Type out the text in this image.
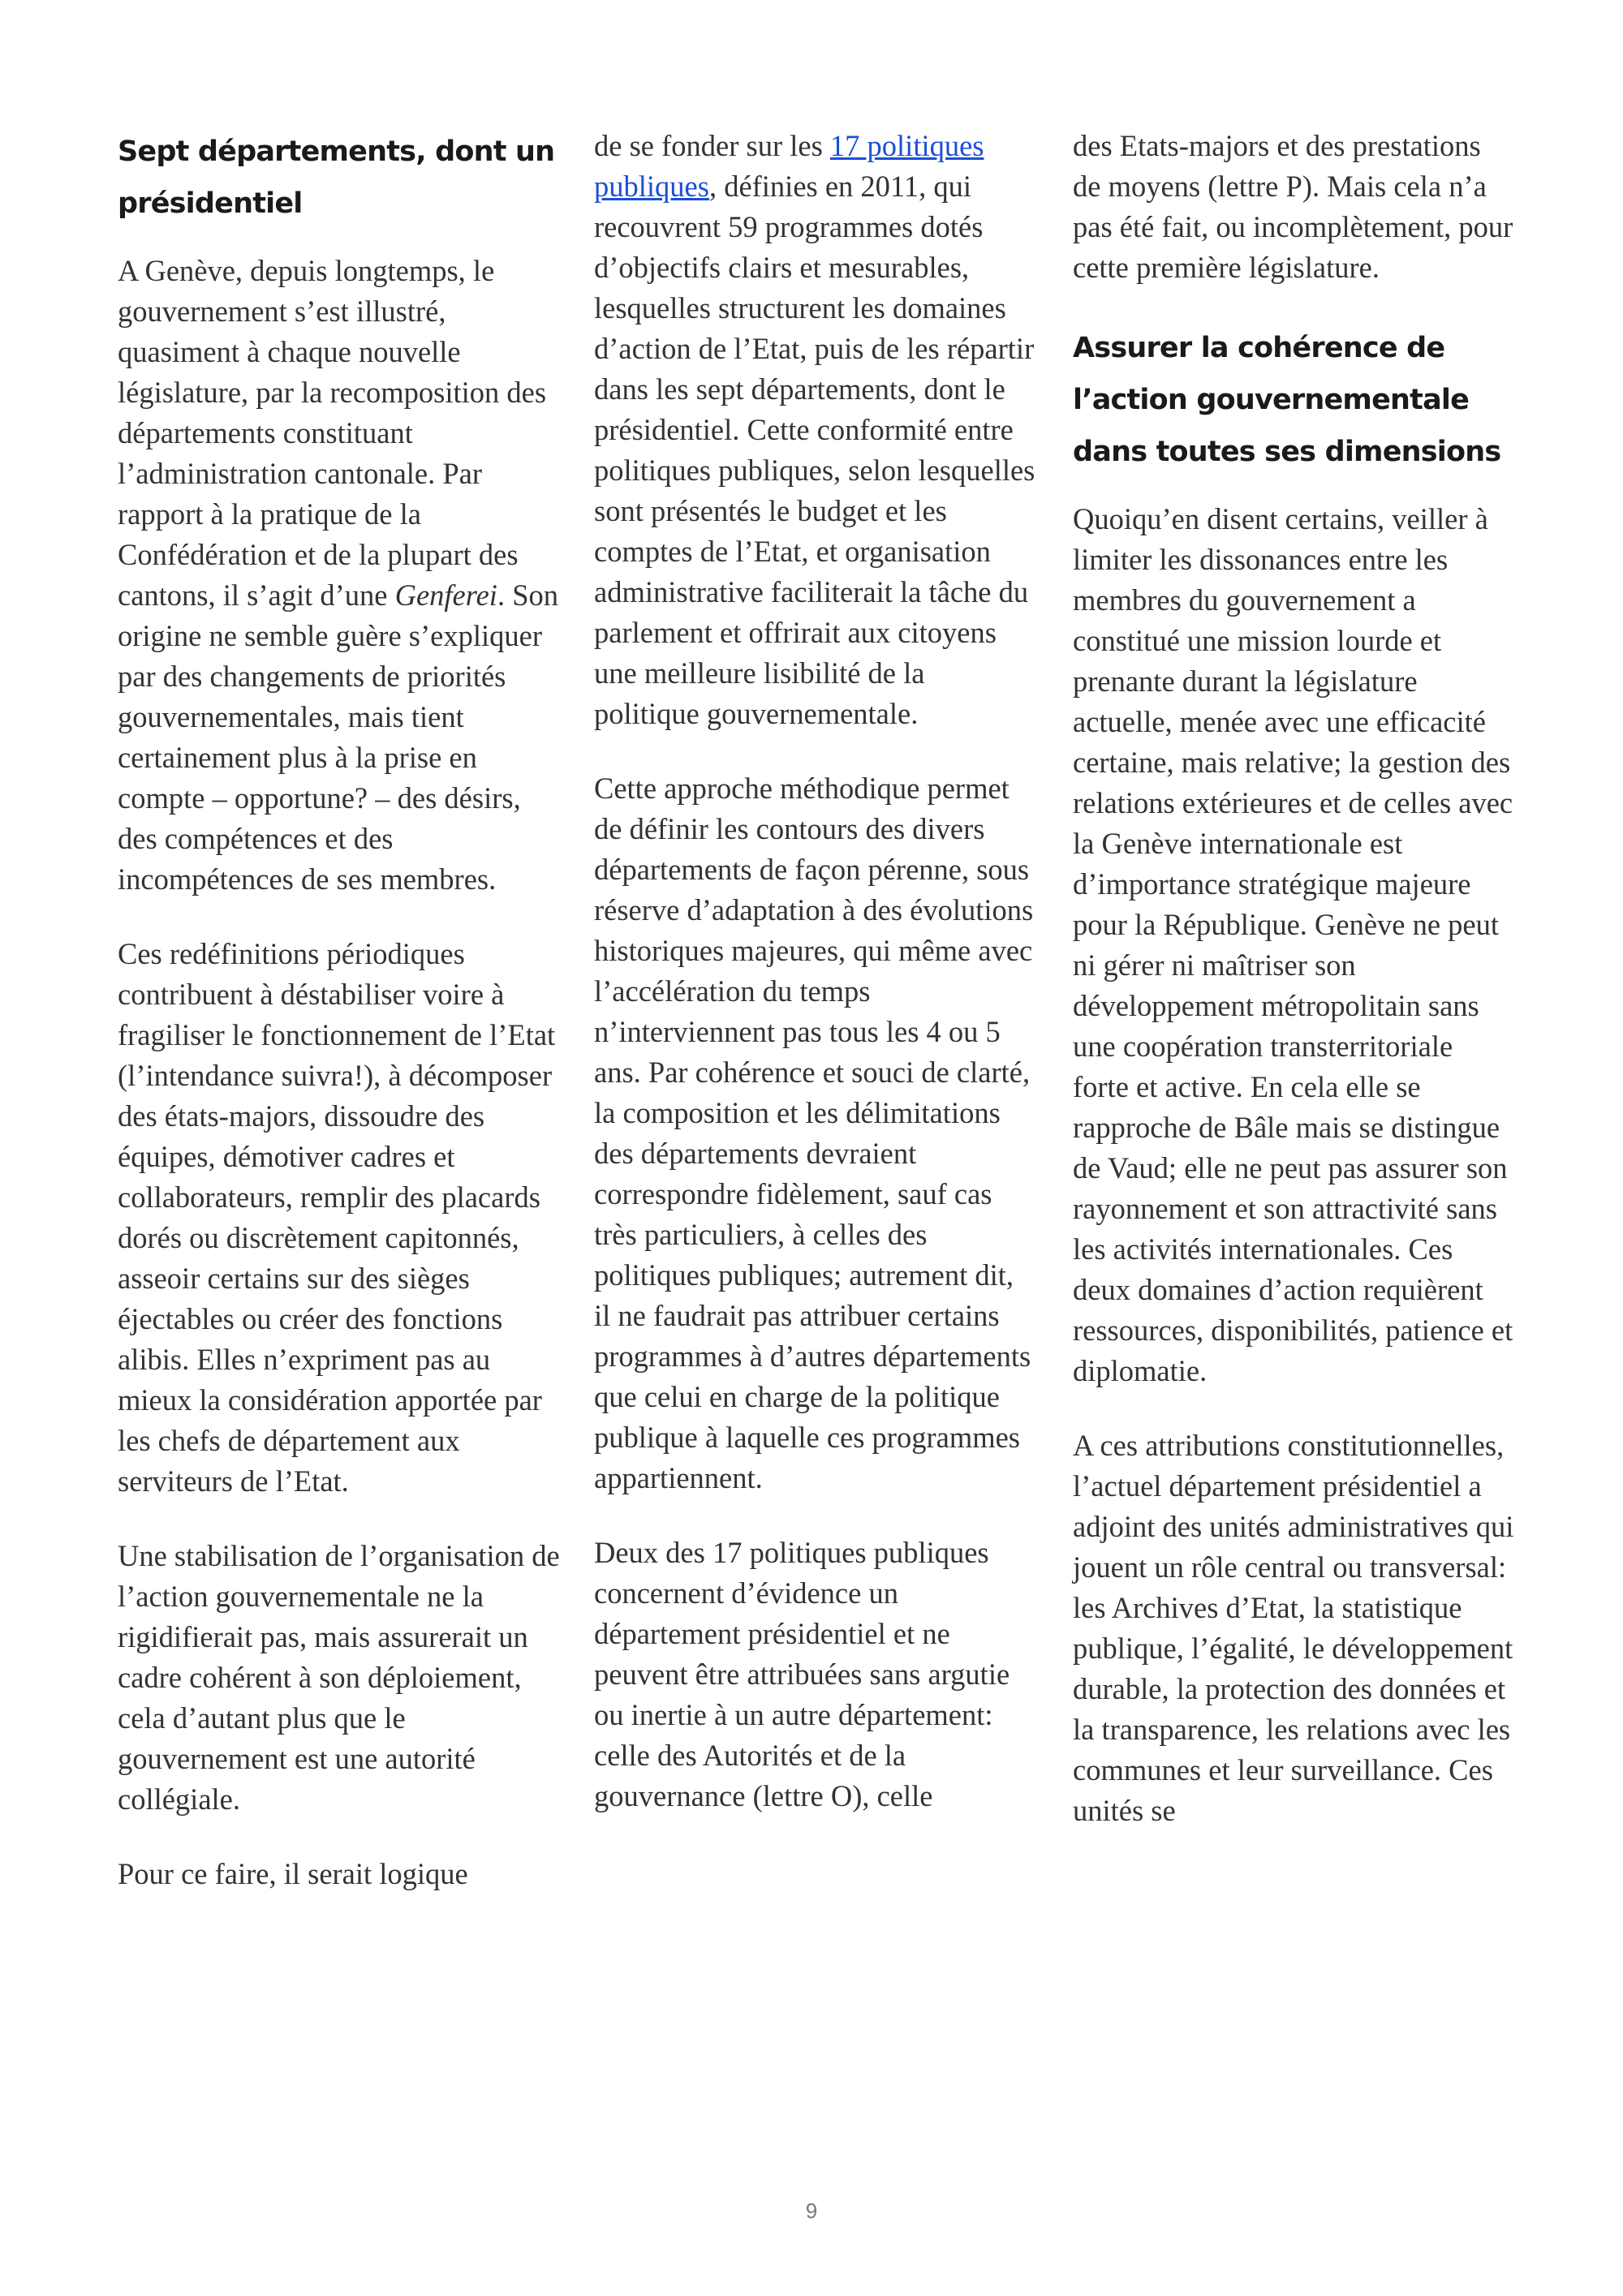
Sept départements, dont un présidentiel

A Genève, depuis longtemps, le gouvernement s’est illustré, quasiment à chaque nouvelle législature, par la recomposition des départements constituant l’administration cantonale. Par rapport à la pratique de la Confédération et de la plupart des cantons, il s’agit d’une Genferei. Son origine ne semble guère s’expliquer par des changements de priorités gouvernementales, mais tient certainement plus à la prise en compte – opportune? – des désirs, des compétences et des incompétences de ses membres.

Ces redéfinitions périodiques contribuent à déstabiliser voire à fragiliser le fonctionnement de l’Etat (l’intendance suivra!), à décomposer des états-majors, dissoudre des équipes, démotiver cadres et collaborateurs, remplir des placards dorés ou discrètement capitonnés, asseoir certains sur des sièges éjectables ou créer des fonctions alibis. Elles n’expriment pas au mieux la considération apportée par les chefs de département aux serviteurs de l’Etat.

Une stabilisation de l’organisation de l’action gouvernementale ne la rigidifierait pas, mais assurerait un cadre cohérent à son déploiement, cela d’autant plus que le gouvernement est une autorité collégiale.

Pour ce faire, il serait logique

de se fonder sur les 17 politiques publiques, définies en 2011, qui recouvrent 59 programmes dotés d’objectifs clairs et mesurables, lesquelles structurent les domaines d’action de l’Etat, puis de les répartir dans les sept départements, dont le présidentiel. Cette conformité entre politiques publiques, selon lesquelles sont présentés le budget et les comptes de l’Etat, et organisation administrative faciliterait la tâche du parlement et offrirait aux citoyens une meilleure lisibilité de la politique gouvernementale.

Cette approche méthodique permet de définir les contours des divers départements de façon pérenne, sous réserve d’adaptation à des évolutions historiques majeures, qui même avec l’accélération du temps n’interviennent pas tous les 4 ou 5 ans. Par cohérence et souci de clarté, la composition et les délimitations des départements devraient correspondre fidèlement, sauf cas très particuliers, à celles des politiques publiques; autrement dit, il ne faudrait pas attribuer certains programmes à d’autres départements que celui en charge de la politique publique à laquelle ces programmes appartiennent.

Deux des 17 politiques publiques concernent d’évidence un département présidentiel et ne peuvent être attribuées sans argutie ou inertie à un autre département: celle des Autorités et de la gouvernance (lettre O), celle

des Etats-majors et des prestations de moyens (lettre P). Mais cela n’a pas été fait, ou incomplètement, pour cette première législature.

Assurer la cohérence de l’action gouvernementale dans toutes ses dimensions

Quoiqu’en disent certains, veiller à limiter les dissonances entre les membres du gouvernement a constitué une mission lourde et prenante durant la législature actuelle, menée avec une efficacité certaine, mais relative; la gestion des relations extérieures et de celles avec la Genève internationale est d’importance stratégique majeure pour la République. Genève ne peut ni gérer ni maîtriser son développement métropolitain sans une coopération transterritoriale forte et active. En cela elle se rapproche de Bâle mais se distingue de Vaud; elle ne peut pas assurer son rayonnement et son attractivité sans les activités internationales. Ces deux domaines d’action requièrent ressources, disponibilités, patience et diplomatie.

A ces attributions constitutionnelles, l’actuel département présidentiel a adjoint des unités administratives qui jouent un rôle central ou transversal: les Archives d’Etat, la statistique publique, l’égalité, le développement durable, la protection des données et la transparence, les relations avec les communes et leur surveillance. Ces unités se

9
